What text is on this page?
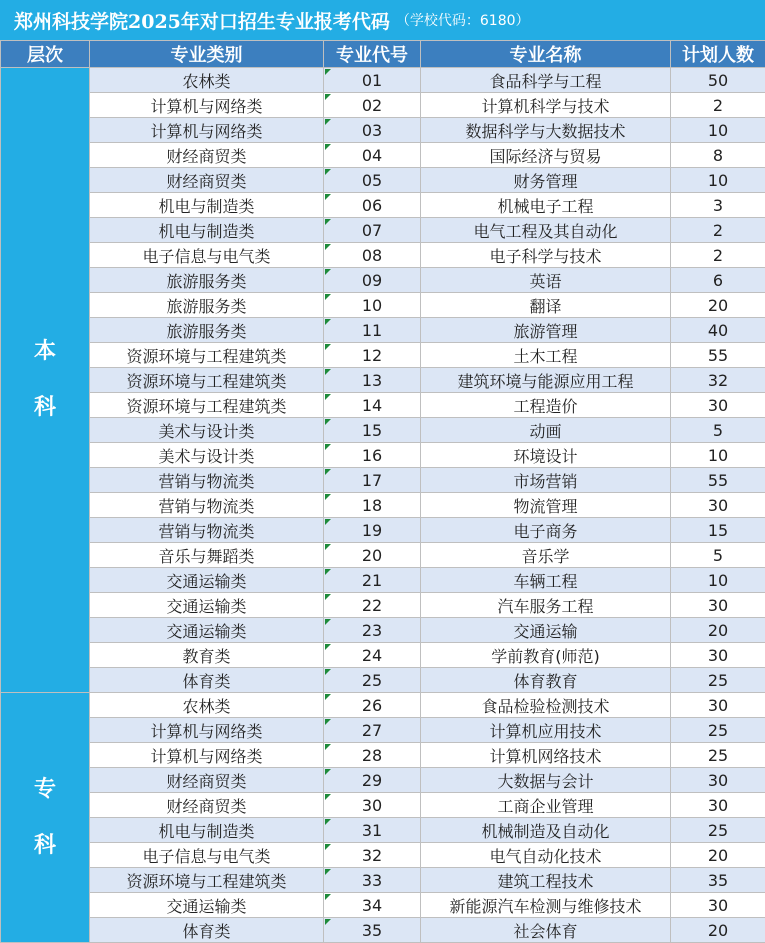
郑州科技学院2025年对口招生专业报考代码 （学校代码：6180）
层次	专业类别	专业代号	专业名称	计划人数

本
科	农林类	01	食品科学与工程	50
	计算机与网络类	02	计算机科学与技术	2
	计算机与网络类	03	数据科学与大数据技术	10
	财经商贸类	04	国际经济与贸易	8
	财经商贸类	05	财务管理	10
	机电与制造类	06	机械电子工程	3
	机电与制造类	07	电气工程及其自动化	2
	电子信息与电气类	08	电子科学与技术	2
	旅游服务类	09	英语	6
	旅游服务类	10	翻译	20
	旅游服务类	11	旅游管理	40
	资源环境与工程建筑类	12	土木工程	55
	资源环境与工程建筑类	13	建筑环境与能源应用工程	32
	资源环境与工程建筑类	14	工程造价	30
	美术与设计类	15	动画	5
	美术与设计类	16	环境设计	10
	营销与物流类	17	市场营销	55
	营销与物流类	18	物流管理	30
	营销与物流类	19	电子商务	15
	音乐与舞蹈类	20	音乐学	5
	交通运输类	21	车辆工程	10
	交通运输类	22	汽车服务工程	30
	交通运输类	23	交通运输	20
	教育类	24	学前教育(师范)	30
	体育类	25	体育教育	25

专
科	农林类	26	食品检验检测技术	30
	计算机与网络类	27	计算机应用技术	25
	计算机与网络类	28	计算机网络技术	25
	财经商贸类	29	大数据与会计	30
	财经商贸类	30	工商企业管理	30
	机电与制造类	31	机械制造及自动化	25
	电子信息与电气类	32	电气自动化技术	20
	资源环境与工程建筑类	33	建筑工程技术	35
	交通运输类	34	新能源汽车检测与维修技术	30
	体育类	35	社会体育	20
